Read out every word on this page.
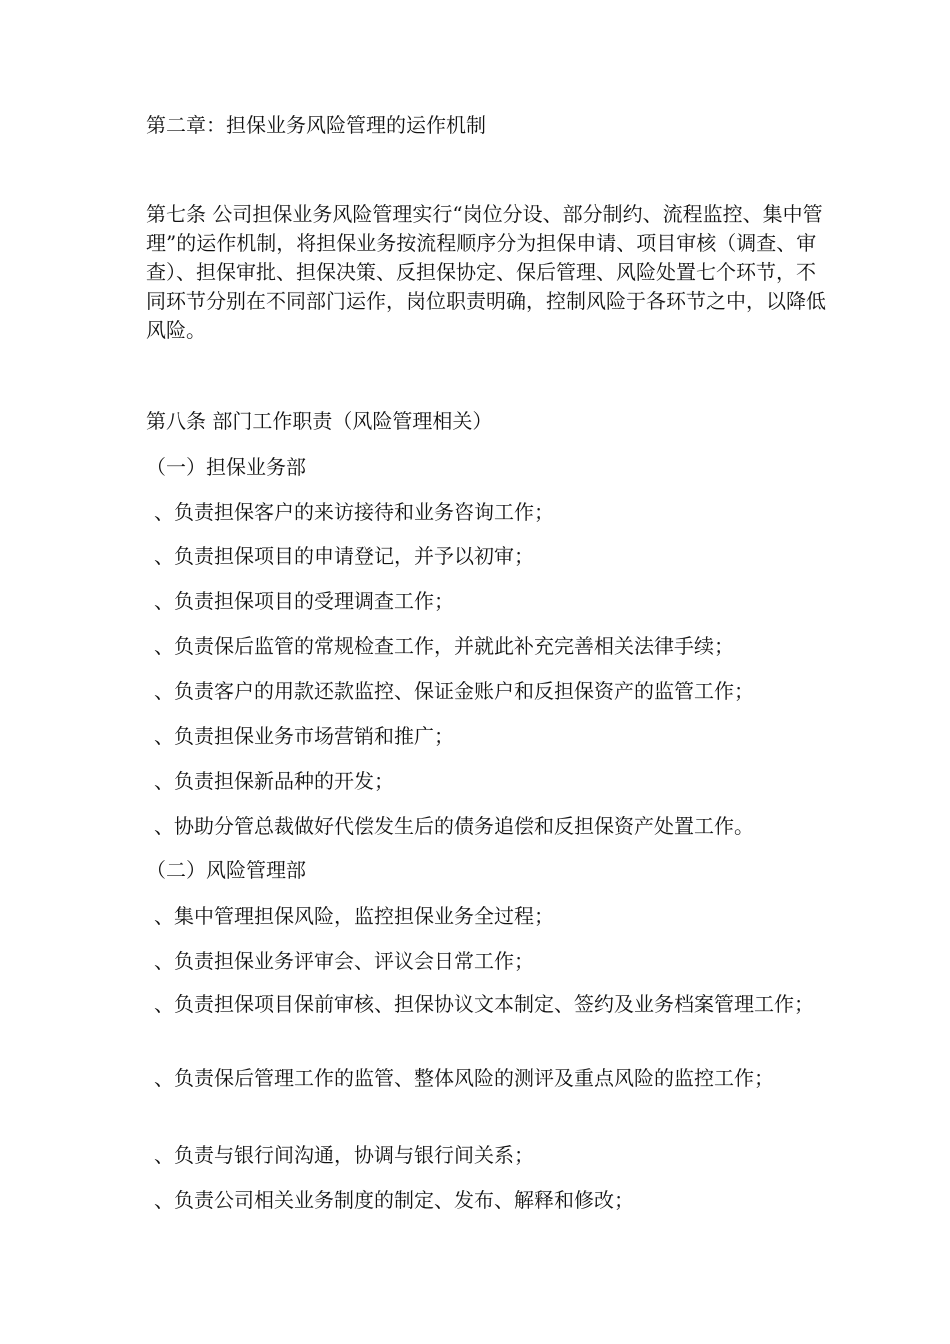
第二章：担保业务风险管理的运作机制
第七条 公司担保业务风险管理实行“岗位分设、部分制约、流程监控、集中管理”的运作机制，将担保业务按流程顺序分为担保申请、项目审核（调查、审查）、担保审批、担保决策、反担保协定、保后管理、风险处置七个环节，不同环节分别在不同部门运作，岗位职责明确，控制风险于各环节之中，以降低风险。
第八条 部门工作职责（风险管理相关）
（一）担保业务部
、负责担保客户的来访接待和业务咨询工作；
、负责担保项目的申请登记，并予以初审；
、负责担保项目的受理调查工作；
、负责保后监管的常规检查工作，并就此补充完善相关法律手续；
、负责客户的用款还款监控、保证金账户和反担保资产的监管工作；
、负责担保业务市场营销和推广；
、负责担保新品种的开发；
、协助分管总裁做好代偿发生后的债务追偿和反担保资产处置工作。
（二）风险管理部
、集中管理担保风险，监控担保业务全过程；
、负责担保业务评审会、评议会日常工作；
、负责担保项目保前审核、担保协议文本制定、签约及业务档案管理工作；
、负责保后管理工作的监管、整体风险的测评及重点风险的监控工作；
、负责与银行间沟通，协调与银行间关系；
、负责公司相关业务制度的制定、发布、解释和修改；
